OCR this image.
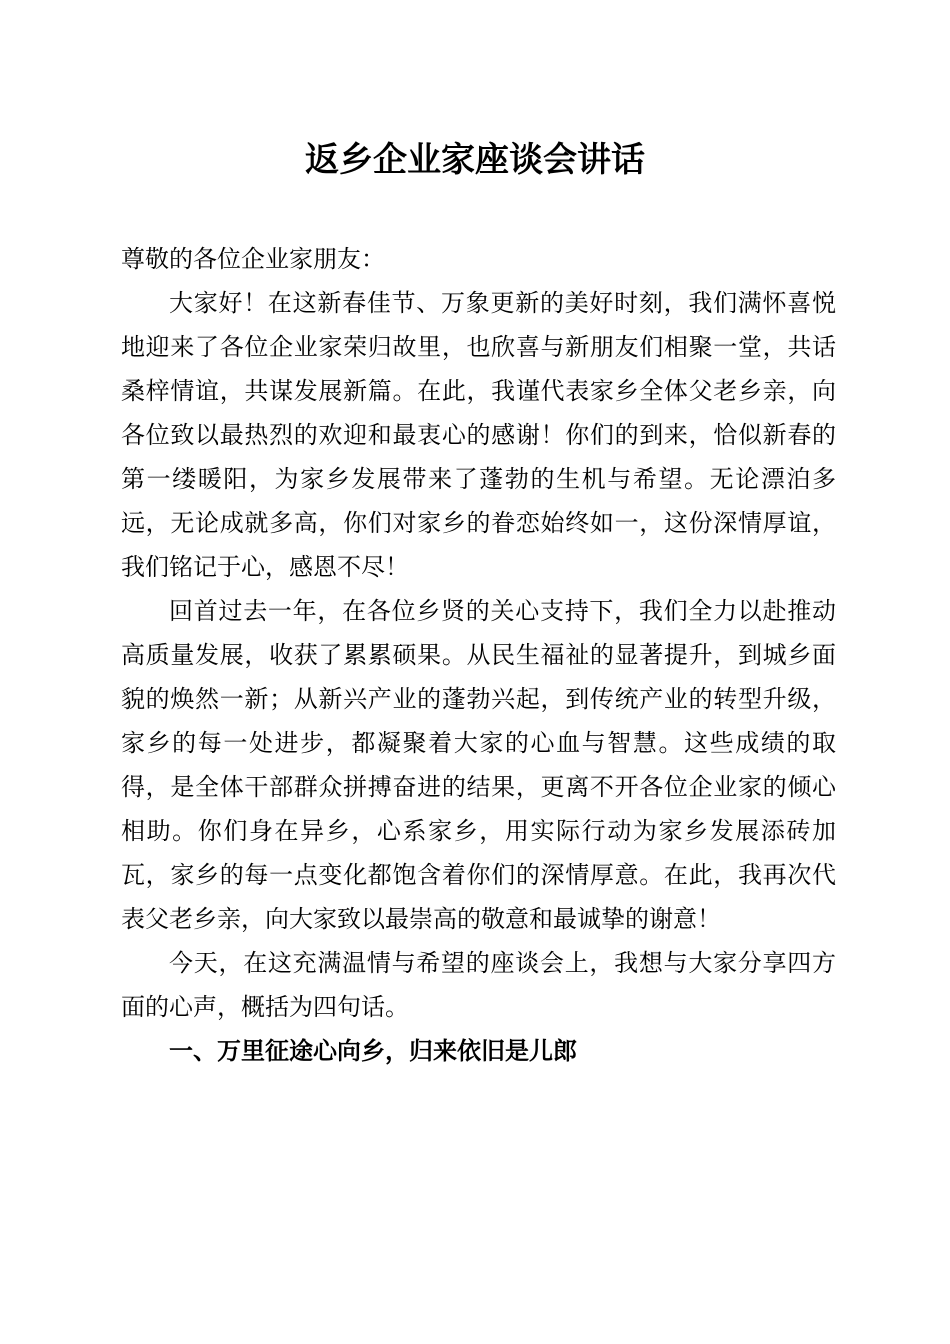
返乡企业家座谈会讲话

尊敬的各位企业家朋友：

大家好！在这新春佳节、万象更新的美好时刻，我们满怀喜悦地迎来了各位企业家荣归故里，也欣喜与新朋友们相聚一堂，共话桑梓情谊，共谋发展新篇。在此，我谨代表家乡全体父老乡亲，向各位致以最热烈的欢迎和最衷心的感谢！你们的到来，恰似新春的第一缕暖阳，为家乡发展带来了蓬勃的生机与希望。无论漂泊多远，无论成就多高，你们对家乡的眷恋始终如一，这份深情厚谊，我们铭记于心，感恩不尽！

回首过去一年，在各位乡贤的关心支持下，我们全力以赴推动高质量发展，收获了累累硕果。从民生福祉的显著提升，到城乡面貌的焕然一新；从新兴产业的蓬勃兴起，到传统产业的转型升级，家乡的每一处进步，都凝聚着大家的心血与智慧。这些成绩的取得，是全体干部群众拼搏奋进的结果，更离不开各位企业家的倾心相助。你们身在异乡，心系家乡，用实际行动为家乡发展添砖加瓦，家乡的每一点变化都饱含着你们的深情厚意。在此，我再次代表父老乡亲，向大家致以最崇高的敬意和最诚挚的谢意！

今天，在这充满温情与希望的座谈会上，我想与大家分享四方面的心声，概括为四句话。

一、万里征途心向乡，归来依旧是儿郎
